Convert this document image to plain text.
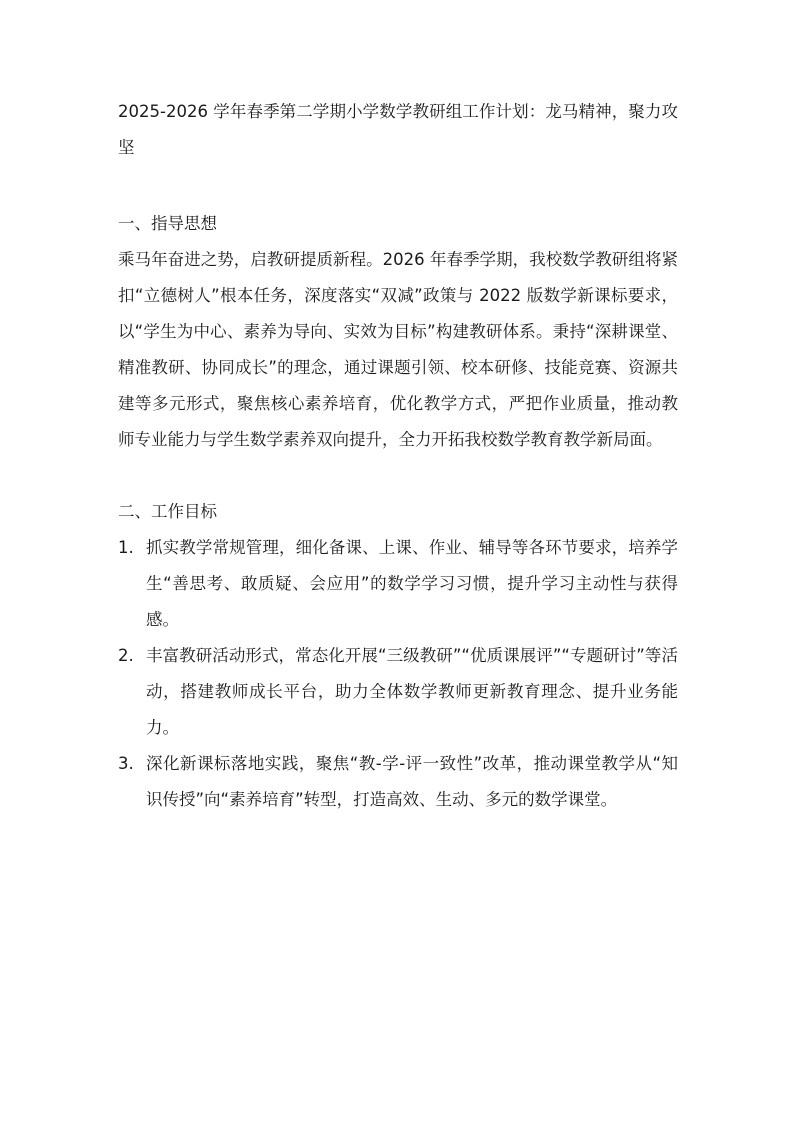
2025-2026 学年春季第二学期小学数学教研组工作计划：龙马精神，聚力攻坚

一、指导思想

乘马年奋进之势，启教研提质新程。2026 年春季学期，我校数学教研组将紧扣“立德树人”根本任务，深度落实“双减”政策与 2022 版数学新课标要求，以“学生为中心、素养为导向、实效为目标”构建教研体系。秉持“深耕课堂、精准教研、协同成长”的理念，通过课题引领、校本研修、技能竞赛、资源共建等多元形式，聚焦核心素养培育，优化教学方式，严把作业质量，推动教师专业能力与学生数学素养双向提升，全力开拓我校数学教育教学新局面。

二、工作目标

1. 抓实教学常规管理，细化备课、上课、作业、辅导等各环节要求，培养学生“善思考、敢质疑、会应用”的数学学习习惯，提升学习主动性与获得感。
2. 丰富教研活动形式，常态化开展“三级教研”“优质课展评”“专题研讨”等活动，搭建教师成长平台，助力全体数学教师更新教育理念、提升业务能力。
3. 深化新课标落地实践，聚焦“教-学-评一致性”改革，推动课堂教学从“知识传授”向“素养培育”转型，打造高效、生动、多元的数学课堂。
